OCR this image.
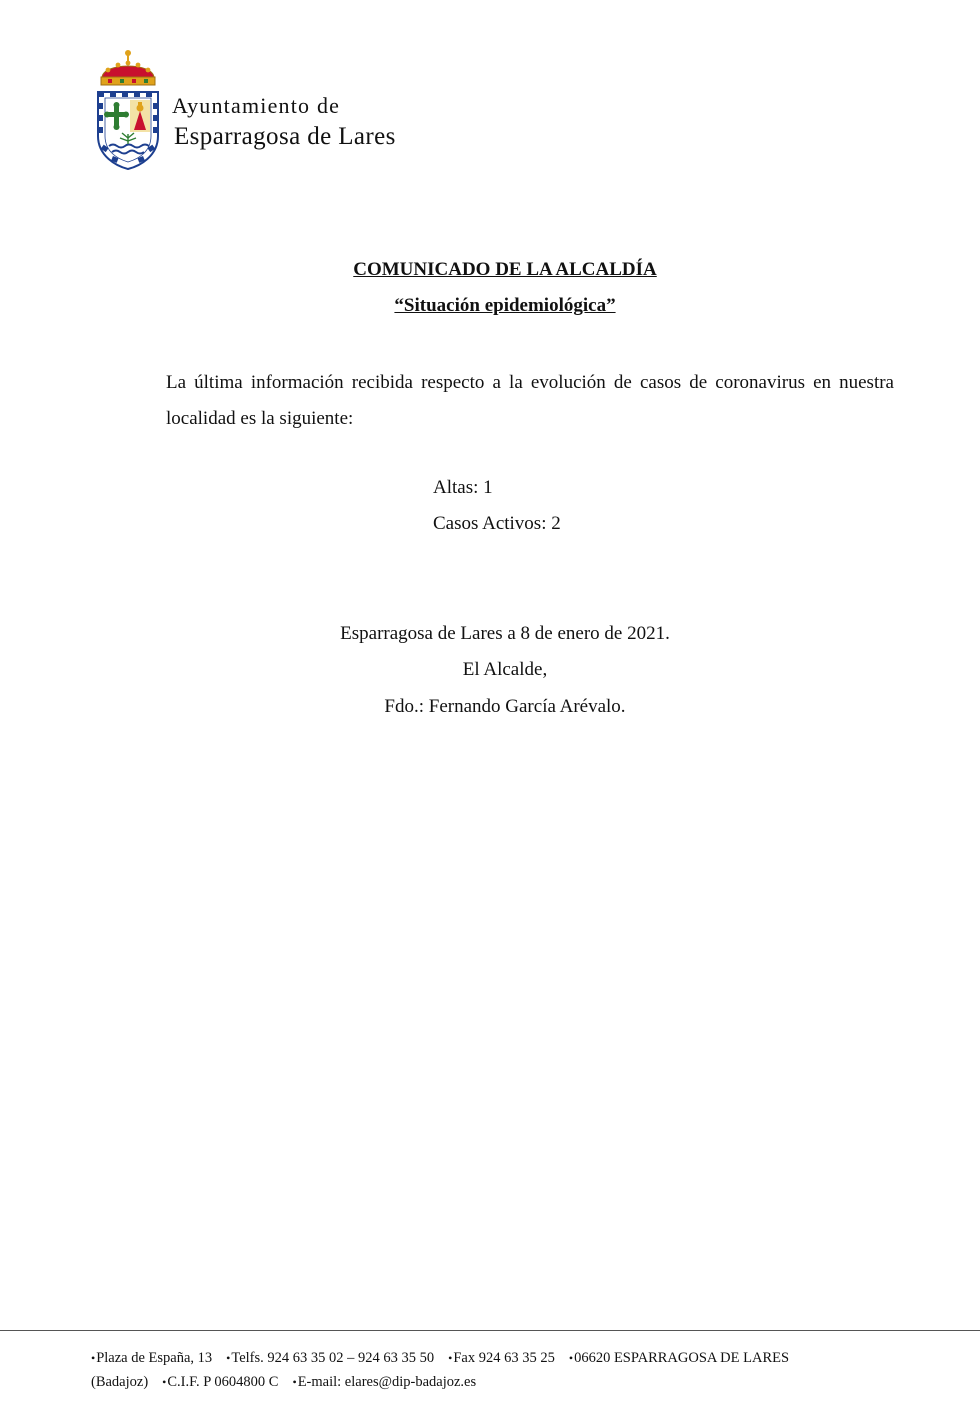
Ayuntamiento de
Esparragosa de Lares
COMUNICADO DE LA ALCALDÍA
“Situación epidemiológica”
La última información recibida respecto a la evolución de casos de coronavirus en nuestra localidad es la siguiente:
Altas: 1
Casos Activos: 2
Esparragosa de Lares a 8 de enero de 2021.
El Alcalde,
Fdo.: Fernando García Arévalo.
• Plaza de España, 13 • Telfs. 924 63 35 02 – 924 63 35 50 • Fax 924 63 35 25 • 06620 ESPARRAGOSA DE LARES
(Badajoz) • C.I.F. P 0604800 C • E-mail: elares@dip-badajoz.es
